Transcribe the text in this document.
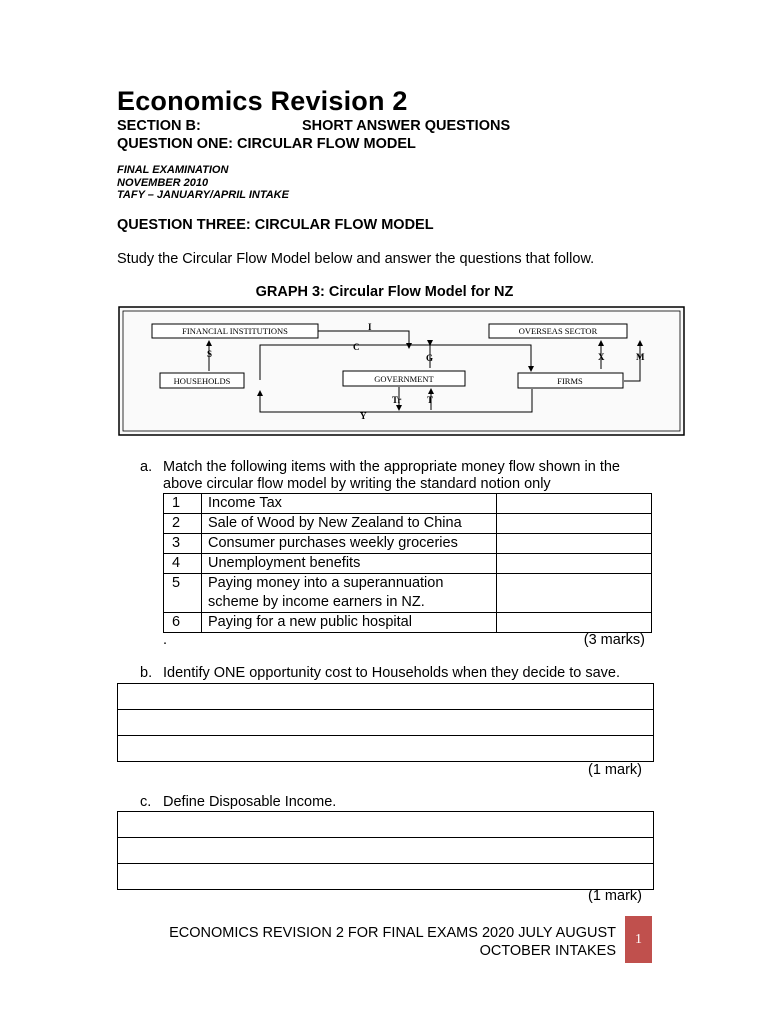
Economics Revision 2
SECTION B:	SHORT ANSWER QUESTIONS
QUESTION ONE: CIRCULAR FLOW MODEL
FINAL EXAMINATION
NOVEMBER 2010
TAFY – JANUARY/APRIL INTAKE
QUESTION THREE: CIRCULAR FLOW MODEL
Study the Circular Flow Model below and answer the questions that follow.
GRAPH 3: Circular Flow Model for NZ
FINANCIAL INSTITUTIONS	OVERSEAS SECTOR
HOUSEHOLDS	GOVERNMENT	FIRMS
I
S
C
G	X	M
Tr	T
Y
a. Match the following items with the appropriate money flow shown in the
above circular flow model by writing the standard notion only
1	Income Tax	
2	Sale of Wood by New Zealand to China	
3	Consumer purchases weekly groceries	
4	Unemployment benefits	
5	Paying money into a superannuation
scheme by income earners in NZ.	

6	Paying for a new public hospital	
.	(3 marks)
b. Identify ONE opportunity cost to Households when they decide to save.
(1 mark)
c. Define Disposable Income.
(1 mark)
ECONOMICS REVISION 2 FOR FINAL EXAMS 2020 JULY AUGUST
OCTOBER INTAKES
1
